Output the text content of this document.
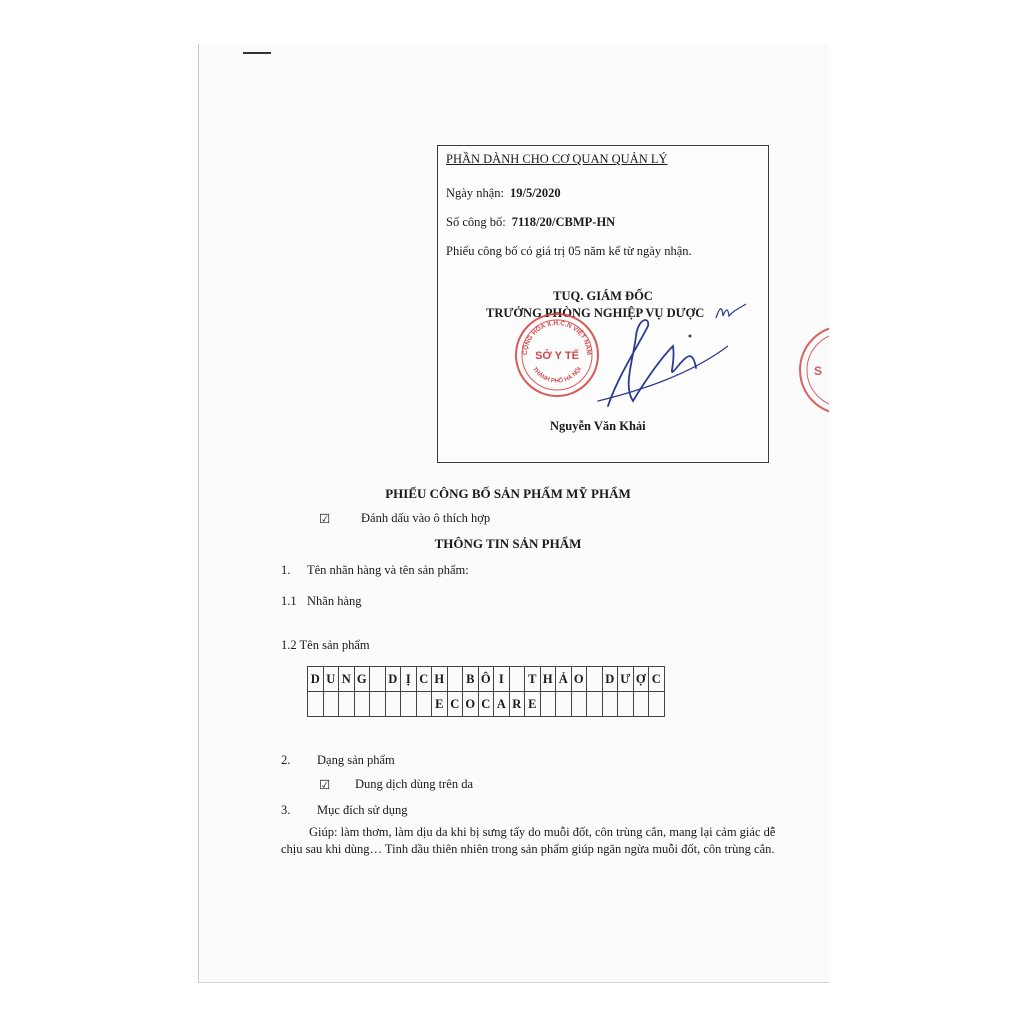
PHẦN DÀNH CHO CƠ QUAN QUẢN LÝ
Ngày nhận: 19/5/2020
Số công bố: 7118/20/CBMP-HN
Phiếu công bố có giá trị 05 năm kể từ ngày nhận.
TUQ. GIÁM ĐỐC
TRƯỞNG PHÒNG NGHIỆP VỤ DƯỢC
CỘNG HÒA X.H.C.N VIỆT NAM
SỞ Y TẾ
THÀNH PHỐ HÀ NỘI
Nguyễn Văn Khải
S
PHIẾU CÔNG BỐ SẢN PHẨM MỸ PHẨM
☑ Đánh dấu vào ô thích hợp
THÔNG TIN SẢN PHẨM
1. Tên nhãn hàng và tên sản phẩm:
1.1 Nhãn hàng
1.2 Tên sản phẩm
D	U	N	G		D	Ị	C	H		B	Ô	I		T	H	Ả	O		D	Ư	Ợ	C
								E	C	O	C	A	R	E								
2. Dạng sản phẩm
☑ Dung dịch dùng trên da
3. Mục đích sử dụng
Giúp: làm thơm, làm dịu da khi bị sưng tấy do muỗi đốt, côn trùng cắn, mang lại cảm giác dễ chịu sau khi dùng… Tinh dầu thiên nhiên trong sản phẩm giúp ngăn ngừa muỗi đốt, côn trùng cắn.
